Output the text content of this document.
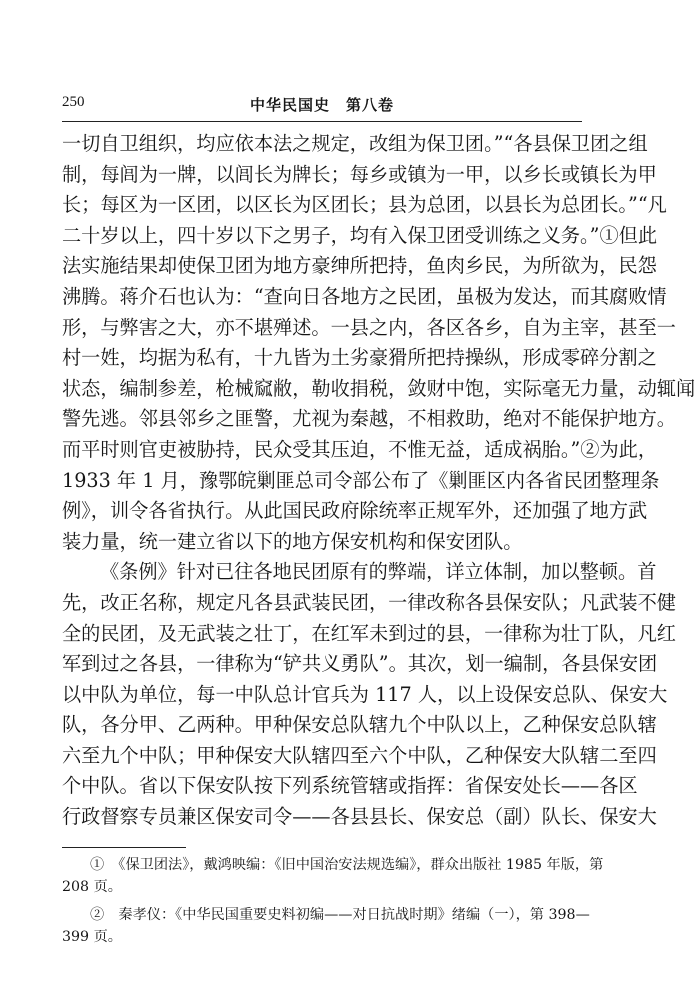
中华民国史　第八卷
250
一切自卫组织，均应依本法之规定，改组为保卫团。”“各县保卫团之组
制，每闾为一牌，以闾长为牌长；每乡或镇为一甲，以乡长或镇长为甲
长；每区为一区团，以区长为区团长；县为总团，以县长为总团长。”“凡
二十岁以上，四十岁以下之男子，均有入保卫团受训练之义务。”①但此
法实施结果却使保卫团为地方豪绅所把持，鱼肉乡民，为所欲为，民怨
沸腾。蒋介石也认为：“查向日各地方之民团，虽极为发达，而其腐败情
形，与弊害之大，亦不堪殚述。一县之内，各区各乡，自为主宰，甚至一
村一姓，均据为私有，十九皆为土劣豪猾所把持操纵，形成零碎分割之
状态，编制参差，枪械窳敝，勒收捐税，敛财中饱，实际毫无力量，动辄闻
警先逃。邻县邻乡之匪警，尤视为秦越，不相救助，绝对不能保护地方。
而平时则官吏被胁持，民众受其压迫，不惟无益，适成祸胎。”②为此，
1933 年 1 月，豫鄂皖剿匪总司令部公布了《剿匪区内各省民团整理条
例》，训令各省执行。从此国民政府除统率正规军外，还加强了地方武
装力量，统一建立省以下的地方保安机构和保安团队。
《条例》针对已往各地民团原有的弊端，详立体制，加以整顿。首
先，改正名称，规定凡各县武装民团，一律改称各县保安队；凡武装不健
全的民团，及无武装之壮丁，在红军未到过的县，一律称为壮丁队，凡红
军到过之各县，一律称为“铲共义勇队”。其次，划一编制，各县保安团
以中队为单位，每一中队总计官兵为 117 人，以上设保安总队、保安大
队，各分甲、乙两种。甲种保安总队辖九个中队以上，乙种保安总队辖
六至九个中队；甲种保安大队辖四至六个中队，乙种保安大队辖二至四
个中队。省以下保安队按下列系统管辖或指挥：省保安处长——各区
行政督察专员兼区保安司令——各县县长、保安总（副）队长、保安大
①　《保卫团法》，戴鸿映编：《旧中国治安法规选编》，群众出版社 1985 年版，第
208 页。
②　秦孝仪：《中华民国重要史料初编——对日抗战时期》绪编（一），第 398—
399 页。
